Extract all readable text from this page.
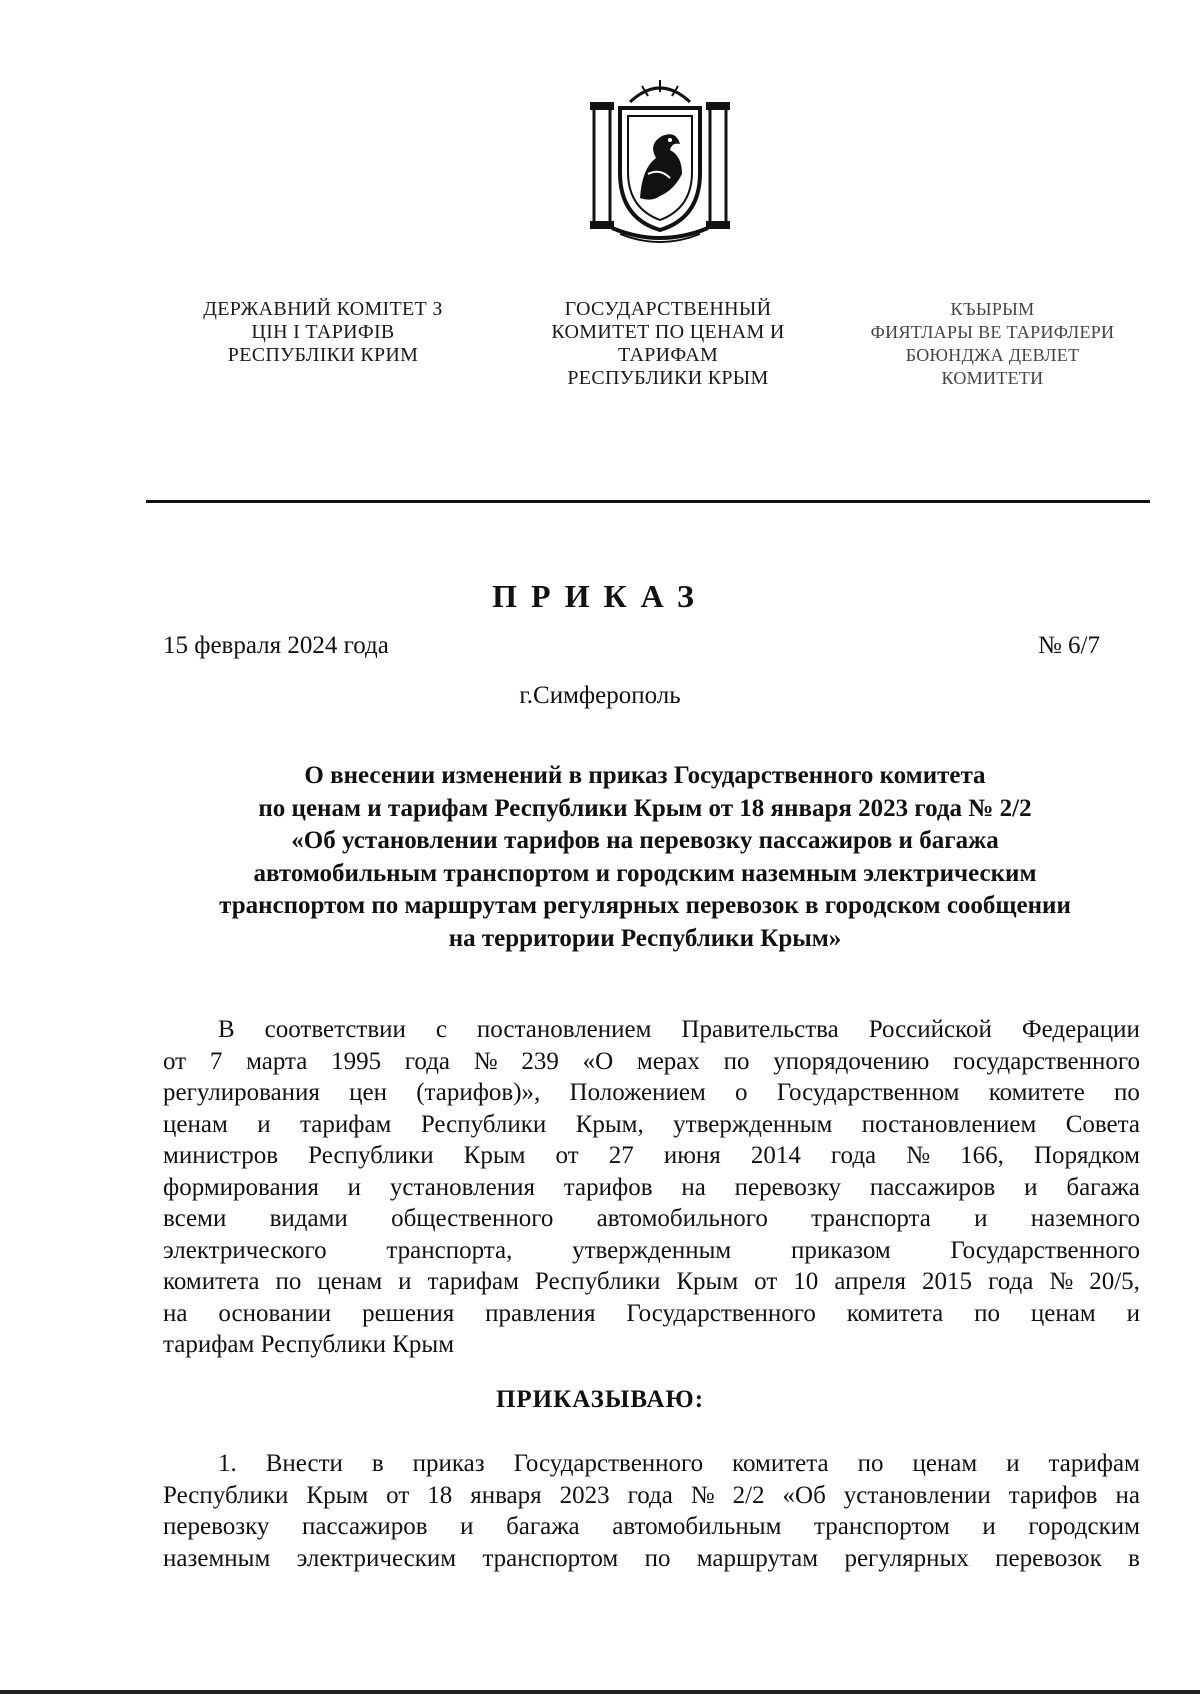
ДЕРЖАВНИЙ КОМІТЕТ З
ЦІН І ТАРИФІВ
РЕСПУБЛІКИ КРИМ
ГОСУДАРСТВЕННЫЙ
КОМИТЕТ ПО ЦЕНАМ И
ТАРИФАМ
РЕСПУБЛИКИ КРЫМ
КЪЫРЫМ
ФИЯТЛАРЫ ВЕ ТАРИФЛЕРИ
БОЮНДЖА ДЕВЛЕТ
КОМИТЕТИ
ПРИКАЗ
15 февраля 2024 года	№ 6/7
г.Симферополь
О внесении изменений в приказ Государственного комитета
по ценам и тарифам Республики Крым от 18 января 2023 года № 2/2
«Об установлении тарифов на перевозку пассажиров и багажа
автомобильным транспортом и городским наземным электрическим
транспортом по маршрутам регулярных перевозок в городском сообщении
на территории Республики Крым»
В соответствии с постановлением Правительства Российской Федерации
от 7 марта 1995 года № 239 «О мерах по упорядочению государственного
регулирования цен (тарифов)», Положением о Государственном комитете по
ценам и тарифам Республики Крым, утвержденным постановлением Совета
министров Республики Крым от 27 июня 2014 года № 166, Порядком
формирования и установления тарифов на перевозку пассажиров и багажа
всеми видами общественного автомобильного транспорта и наземного
электрического транспорта, утвержденным приказом Государственного
комитета по ценам и тарифам Республики Крым от 10 апреля 2015 года № 20/5,
на основании решения правления Государственного комитета по ценам и
тарифам Республики Крым
ПРИКАЗЫВАЮ:
1. Внести в приказ Государственного комитета по ценам и тарифам
Республики Крым от 18 января 2023 года № 2/2 «Об установлении тарифов на
перевозку пассажиров и багажа автомобильным транспортом и городским
наземным электрическим транспортом по маршрутам регулярных перевозок в
